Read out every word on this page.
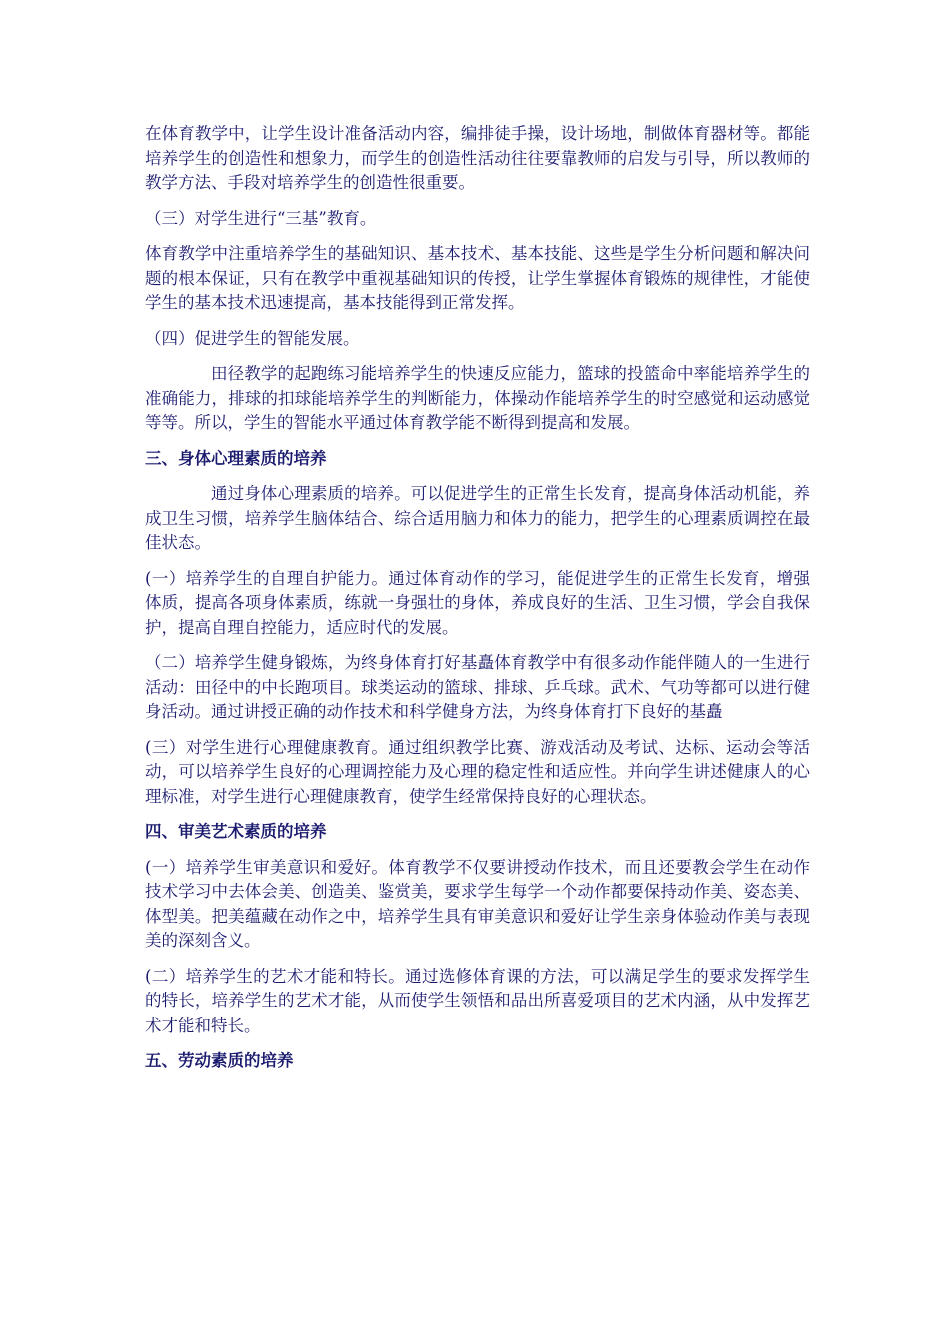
在体育教学中，让学生设计准备活动内容，编排徒手操，设计场地，制做体育器材等。都能培养学生的创造性和想象力，而学生的创造性活动往往要靠教师的启发与引导，所以教师的教学方法、手段对培养学生的创造性很重要。

（三）对学生进行“三基”教育。

体育教学中注重培养学生的基础知识、基本技术、基本技能、这些是学生分析问题和解决问题的根本保证，只有在教学中重视基础知识的传授，让学生掌握体育锻炼的规律性，才能使学生的基本技术迅速提高，基本技能得到正常发挥。

（四）促进学生的智能发展。

田径教学的起跑练习能培养学生的快速反应能力，篮球的投篮命中率能培养学生的准确能力，排球的扣球能培养学生的判断能力，体操动作能培养学生的时空感觉和运动感觉等等。所以，学生的智能水平通过体育教学能不断得到提高和发展。

三、身体心理素质的培养

通过身体心理素质的培养。可以促进学生的正常生长发育，提高身体活动机能，养成卫生习惯，培养学生脑体结合、综合适用脑力和体力的能力，把学生的心理素质调控在最佳状态。

(一）培养学生的自理自护能力。通过体育动作的学习，能促进学生的正常生长发育，增强体质，提高各项身体素质，练就一身强壮的身体，养成良好的生活、卫生习惯，学会自我保护，提高自理自控能力，适应时代的发展。

（二）培养学生健身锻炼，为终身体育打好基矗体育教学中有很多动作能伴随人的一生进行活动：田径中的中长跑项目。球类运动的篮球、排球、乒乓球。武术、气功等都可以进行健身活动。通过讲授正确的动作技术和科学健身方法，为终身体育打下良好的基矗

(三）对学生进行心理健康教育。通过组织教学比赛、游戏活动及考试、达标、运动会等活动，可以培养学生良好的心理调控能力及心理的稳定性和适应性。并向学生讲述健康人的心理标准，对学生进行心理健康教育，使学生经常保持良好的心理状态。

四、审美艺术素质的培养

(一）培养学生审美意识和爱好。体育教学不仅要讲授动作技术，而且还要教会学生在动作技术学习中去体会美、创造美、鉴赏美，要求学生每学一个动作都要保持动作美、姿态美、体型美。把美蕴藏在动作之中，培养学生具有审美意识和爱好让学生亲身体验动作美与表现美的深刻含义。

(二）培养学生的艺术才能和特长。通过选修体育课的方法，可以满足学生的要求发挥学生的特长，培养学生的艺术才能，从而使学生领悟和品出所喜爱项目的艺术内涵，从中发挥艺术才能和特长。

五、劳动素质的培养
